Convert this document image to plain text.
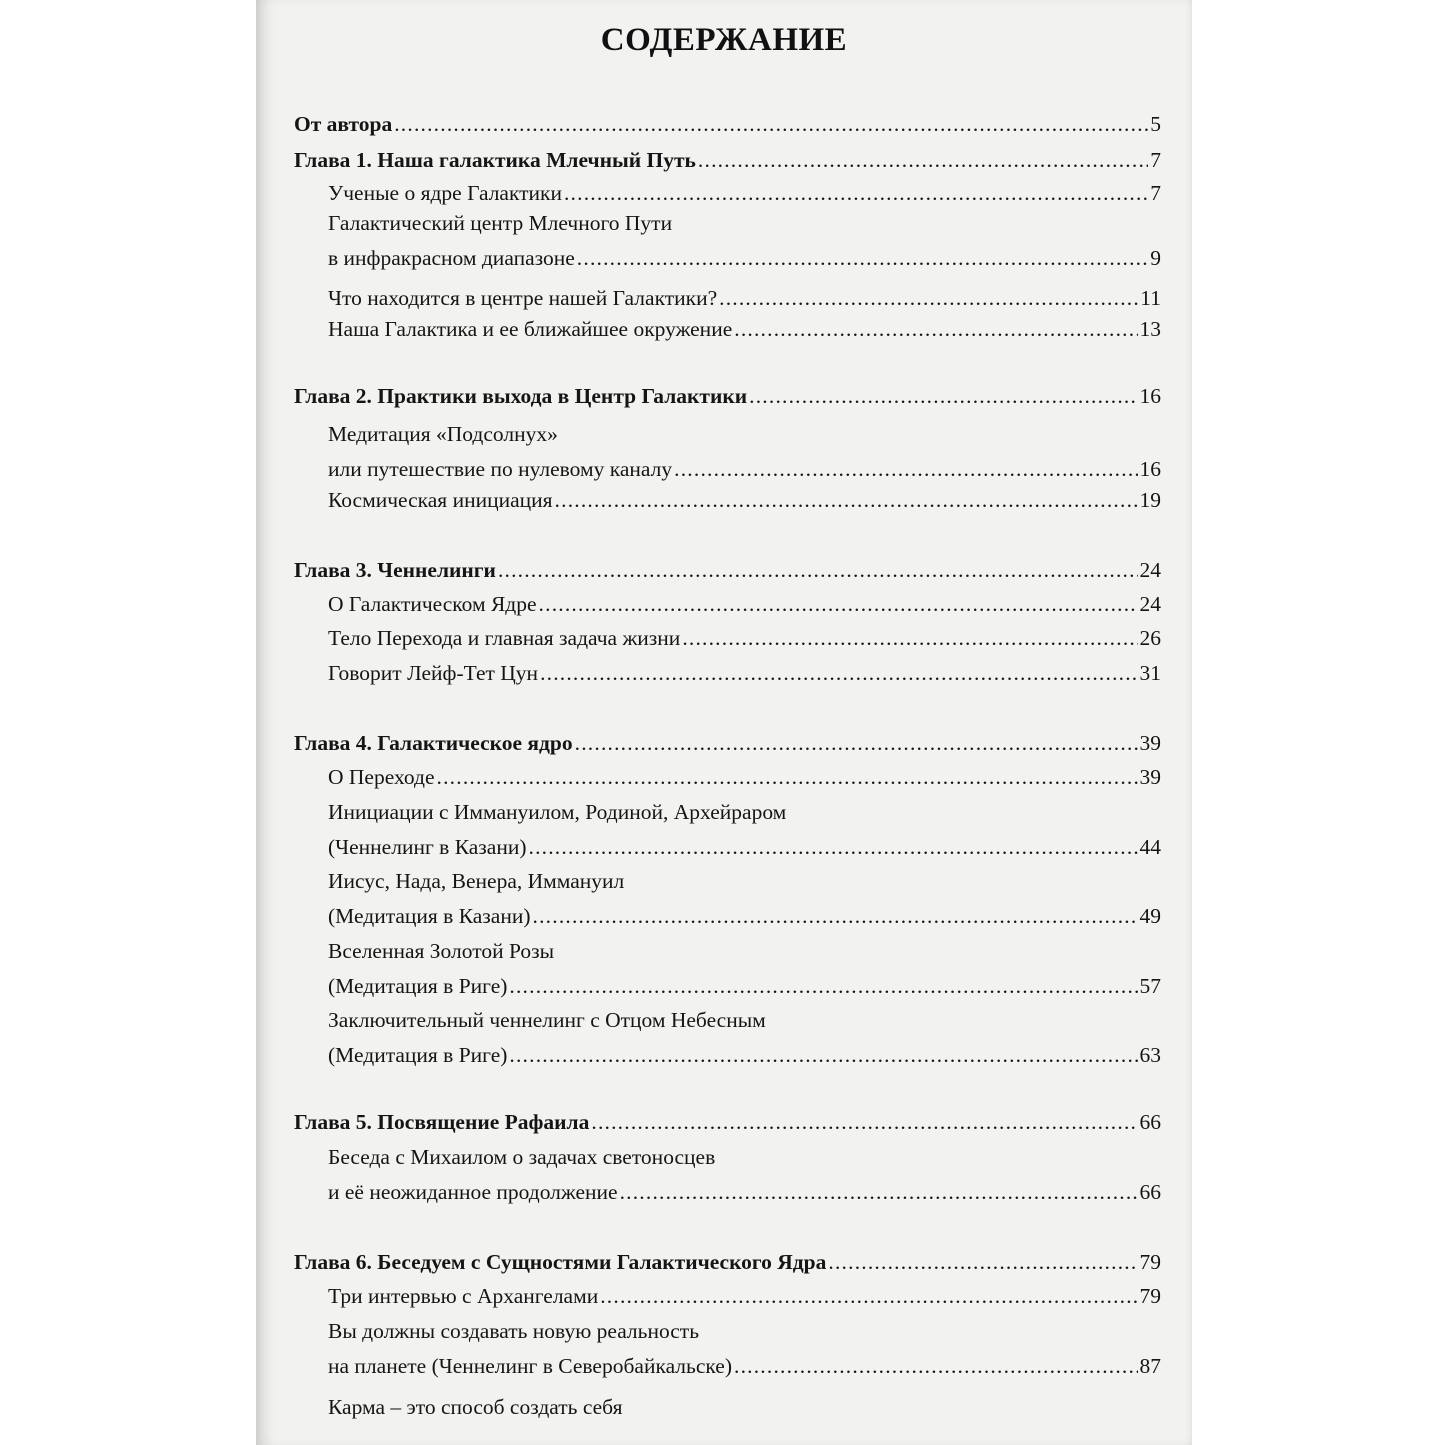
СОДЕРЖАНИЕ
От автора .....	5
Глава 1. Наша галактика Млечный Путь .....	7
Ученые о ядре Галактики .....	7
Галактический центр Млечного Пути
в инфракрасном диапазоне .....	9
Что находится в центре нашей Галактики? .....	11
Наша Галактика и ее ближайшее окружение .....	13
Глава 2. Практики выхода в Центр Галактики .....	16
Медитация «Подсолнух»
или путешествие по нулевому каналу .....	16
Космическая инициация .....	19
Глава 3. Ченнелинги .....	24
О Галактическом Ядре .....	24
Тело Перехода и главная задача жизни .....	26
Говорит Лейф-Тет Цун .....	31
Глава 4. Галактическое ядро .....	39
О Переходе .....	39
Инициации с Иммануилом, Родиной, Архейраром
(Ченнелинг в Казани) .....	44
Иисус, Нада, Венера, Иммануил
(Медитация в Казани) .....	49
Вселенная Золотой Розы
(Медитация в Риге) .....	57
Заключительный ченнелинг с Отцом Небесным
(Медитация в Риге) .....	63
Глава 5. Посвящение Рафаила .....	66
Беседа с Михаилом о задачах светоносцев
и её неожиданное продолжение .....	66
Глава 6. Беседуем с Сущностями Галактического Ядра .....	79
Три интервью с Архангелами .....	79
Вы должны создавать новую реальность
на планете (Ченнелинг в Северобайкальске) .....	87
Карма – это способ создать себя
